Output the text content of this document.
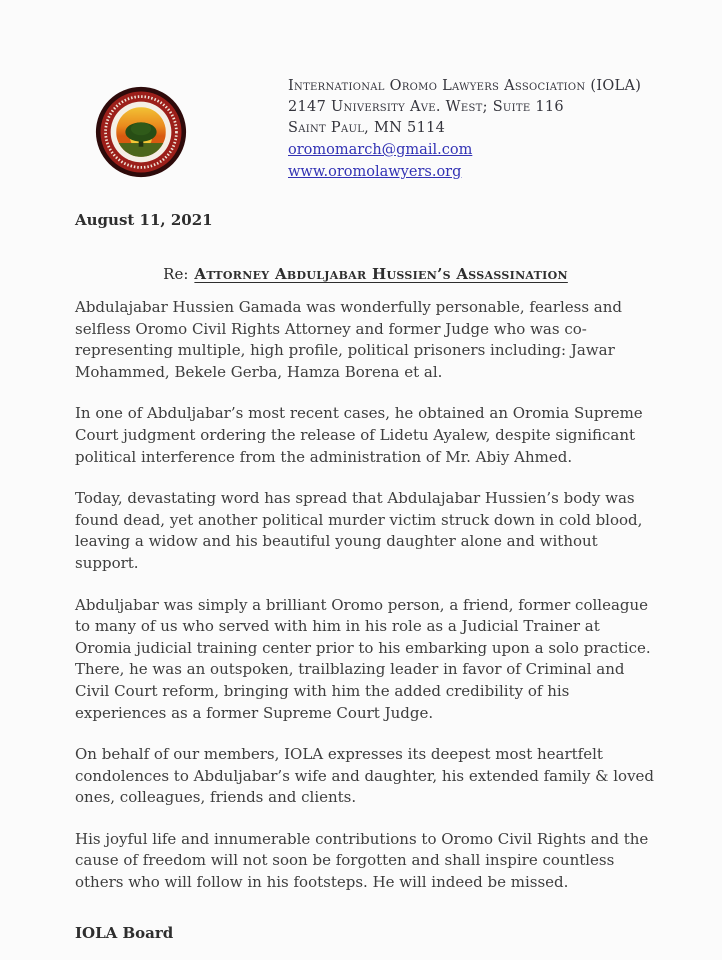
International Oromo Lawyers Association (IOLA)
2147 University Ave. West; Suite 116
Saint Paul, MN 5114
oromomarch@gmail.com
www.oromolawyers.org
August 11, 2021
Re: Attorney Abduljabar Hussien’s Assassination

Abdulajabar Hussien Gamada was wonderfully personable, fearless and selfless Oromo Civil Rights Attorney and former Judge who was co-representing multiple, high profile, political prisoners including: Jawar Mohammed, Bekele Gerba, Hamza Borena et al.

In one of Abduljabar’s most recent cases, he obtained an Oromia Supreme Court judgment ordering the release of Lidetu Ayalew, despite significant political interference from the administration of Mr. Abiy Ahmed.

Today, devastating word has spread that Abdulajabar Hussien’s body was found dead, yet another political murder victim struck down in cold blood, leaving a widow and his beautiful young daughter alone and without support.

Abduljabar was simply a brilliant Oromo person, a friend, former colleague to many of us who served with him in his role as a Judicial Trainer at Oromia judicial training center prior to his embarking upon a solo practice. There, he was an outspoken, trailblazing leader in favor of Criminal and Civil Court reform, bringing with him the added credibility of his experiences as a former Supreme Court Judge.

On behalf of our members, IOLA expresses its deepest most heartfelt condolences to Abduljabar’s wife and daughter, his extended family & loved ones, colleagues, friends and clients.

His joyful life and innumerable contributions to Oromo Civil Rights and the cause of freedom will not soon be forgotten and shall inspire countless others who will follow in his footsteps. He will indeed be missed.

IOLA Board
